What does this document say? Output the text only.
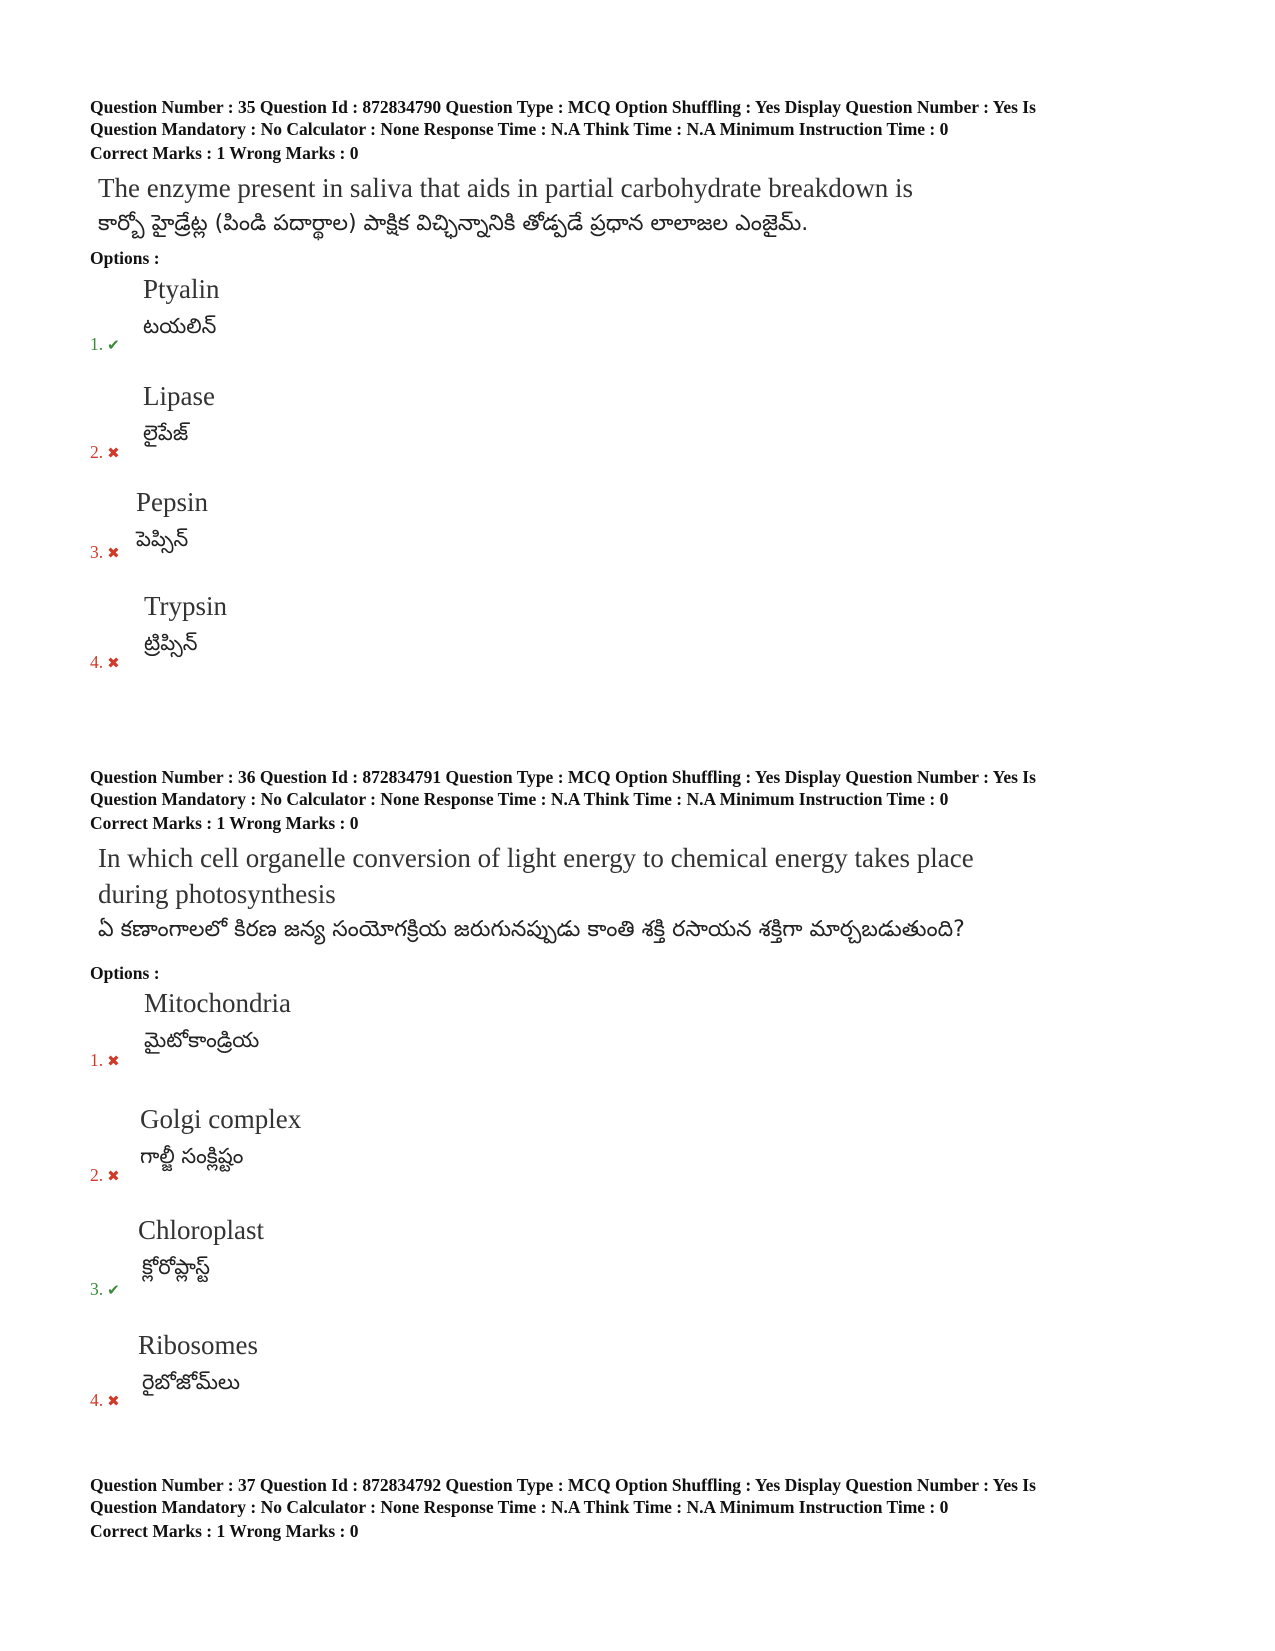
Question Number : 35 Question Id : 872834790 Question Type : MCQ Option Shuffling : Yes Display Question Number : Yes Is
Question Mandatory : No Calculator : None Response Time : N.A Think Time : N.A Minimum Instruction Time : 0
Correct Marks : 1 Wrong Marks : 0
The enzyme present in saliva that aids in partial carbohydrate breakdown is
కార్బో హైడ్రేట్ల (పిండి పదార్థాల) పాక్షిక విచ్ఛిన్నానికి తోడ్పడే ప్రధాన లాలాజల ఎంజైమ్.
Options :
Ptyalin
టయలిన్
1. ✔
Lipase
లైపేజ్
2. ✖
Pepsin
పెప్సిన్
3. ✖
Trypsin
ట్రిప్సిన్
4. ✖
Question Number : 36 Question Id : 872834791 Question Type : MCQ Option Shuffling : Yes Display Question Number : Yes Is
Question Mandatory : No Calculator : None Response Time : N.A Think Time : N.A Minimum Instruction Time : 0
Correct Marks : 1 Wrong Marks : 0
In which cell organelle conversion of light energy to chemical energy takes place
during photosynthesis
ఏ కణాంగాలలో కిరణ జన్య సంయోగక్రియ జరుగునప్పుడు కాంతి శక్తి రసాయన శక్తిగా మార్చబడుతుంది?
Options :
Mitochondria
మైటోకాండ్రియ
1. ✖
Golgi complex
గాల్జీ సంక్లిష్టం
2. ✖
Chloroplast
క్లోరోప్లాస్ట్
3. ✔
Ribosomes
రైబోజోమ్‌లు
4. ✖
Question Number : 37 Question Id : 872834792 Question Type : MCQ Option Shuffling : Yes Display Question Number : Yes Is
Question Mandatory : No Calculator : None Response Time : N.A Think Time : N.A Minimum Instruction Time : 0
Correct Marks : 1 Wrong Marks : 0
